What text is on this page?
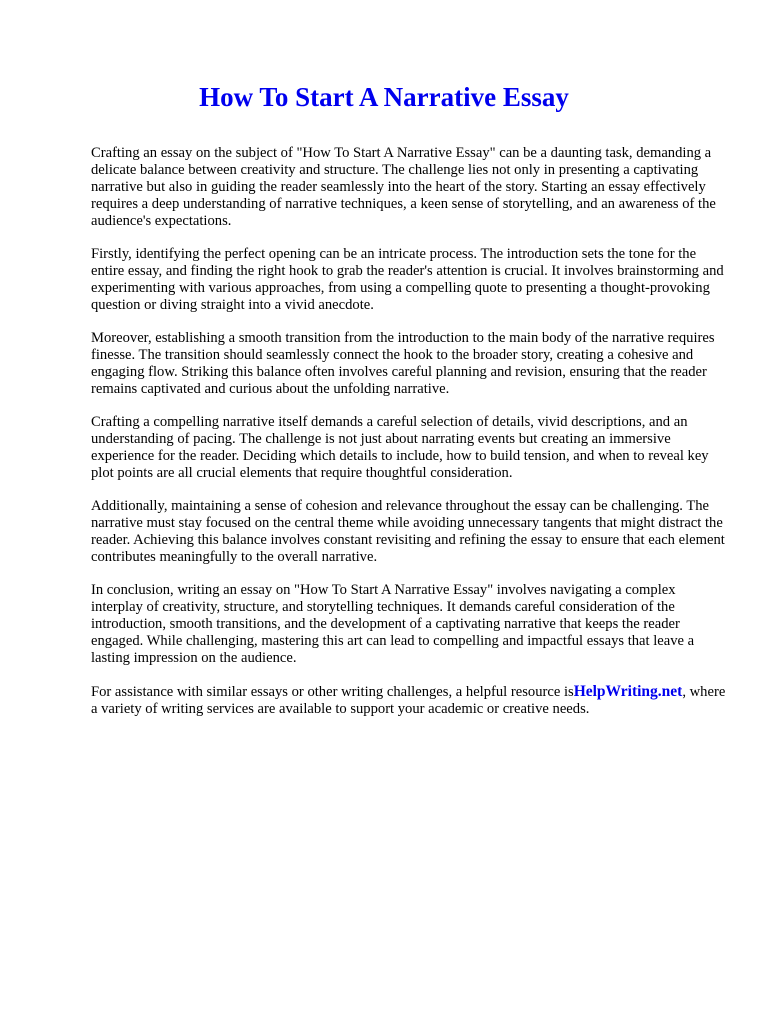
How To Start A Narrative Essay

Crafting an essay on the subject of "How To Start A Narrative Essay" can be a daunting task, demanding a delicate balance between creativity and structure. The challenge lies not only in presenting a captivating narrative but also in guiding the reader seamlessly into the heart of the story. Starting an essay effectively requires a deep understanding of narrative techniques, a keen sense of storytelling, and an awareness of the audience's expectations.

Firstly, identifying the perfect opening can be an intricate process. The introduction sets the tone for the entire essay, and finding the right hook to grab the reader's attention is crucial. It involves brainstorming and experimenting with various approaches, from using a compelling quote to presenting a thought-provoking question or diving straight into a vivid anecdote.

Moreover, establishing a smooth transition from the introduction to the main body of the narrative requires finesse. The transition should seamlessly connect the hook to the broader story, creating a cohesive and engaging flow. Striking this balance often involves careful planning and revision, ensuring that the reader remains captivated and curious about the unfolding narrative.

Crafting a compelling narrative itself demands a careful selection of details, vivid descriptions, and an understanding of pacing. The challenge is not just about narrating events but creating an immersive experience for the reader. Deciding which details to include, how to build tension, and when to reveal key plot points are all crucial elements that require thoughtful consideration.

Additionally, maintaining a sense of cohesion and relevance throughout the essay can be challenging. The narrative must stay focused on the central theme while avoiding unnecessary tangents that might distract the reader. Achieving this balance involves constant revisiting and refining the essay to ensure that each element contributes meaningfully to the overall narrative.

In conclusion, writing an essay on "How To Start A Narrative Essay" involves navigating a complex interplay of creativity, structure, and storytelling techniques. It demands careful consideration of the introduction, smooth transitions, and the development of a captivating narrative that keeps the reader engaged. While challenging, mastering this art can lead to compelling and impactful essays that leave a lasting impression on the audience.

For assistance with similar essays or other writing challenges, a helpful resource isHelpWriting.net, where a variety of writing services are available to support your academic or creative needs.
